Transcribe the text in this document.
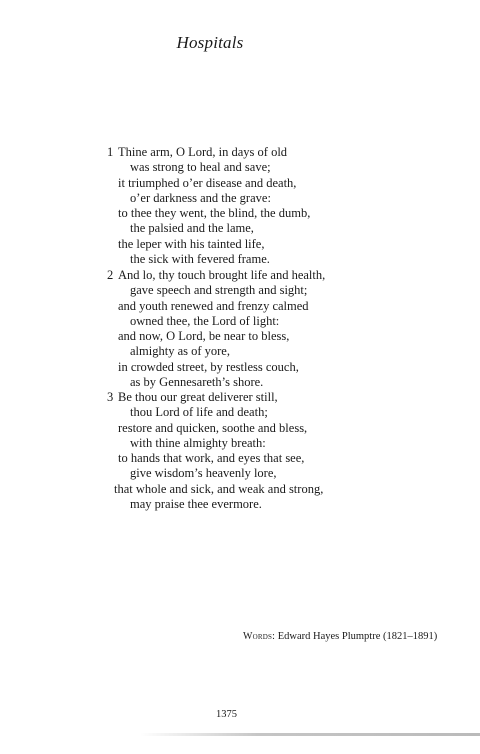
Hospitals
1 Thine arm, O Lord, in days of old
was strong to heal and save;
it triumphed o’er disease and death,
o’er darkness and the grave:
to thee they went, the blind, the dumb,
the palsied and the lame,
the leper with his tainted life,
the sick with fevered frame.
2 And lo, thy touch brought life and health,
gave speech and strength and sight;
and youth renewed and frenzy calmed
owned thee, the Lord of light:
and now, O Lord, be near to bless,
almighty as of yore,
in crowded street, by restless couch,
as by Gennesareth’s shore.
3 Be thou our great deliverer still,
thou Lord of life and death;
restore and quicken, soothe and bless,
with thine almighty breath:
to hands that work, and eyes that see,
give wisdom’s heavenly lore,
that whole and sick, and weak and strong,
may praise thee evermore.
Words: Edward Hayes Plumptre (1821–1891)
1375
